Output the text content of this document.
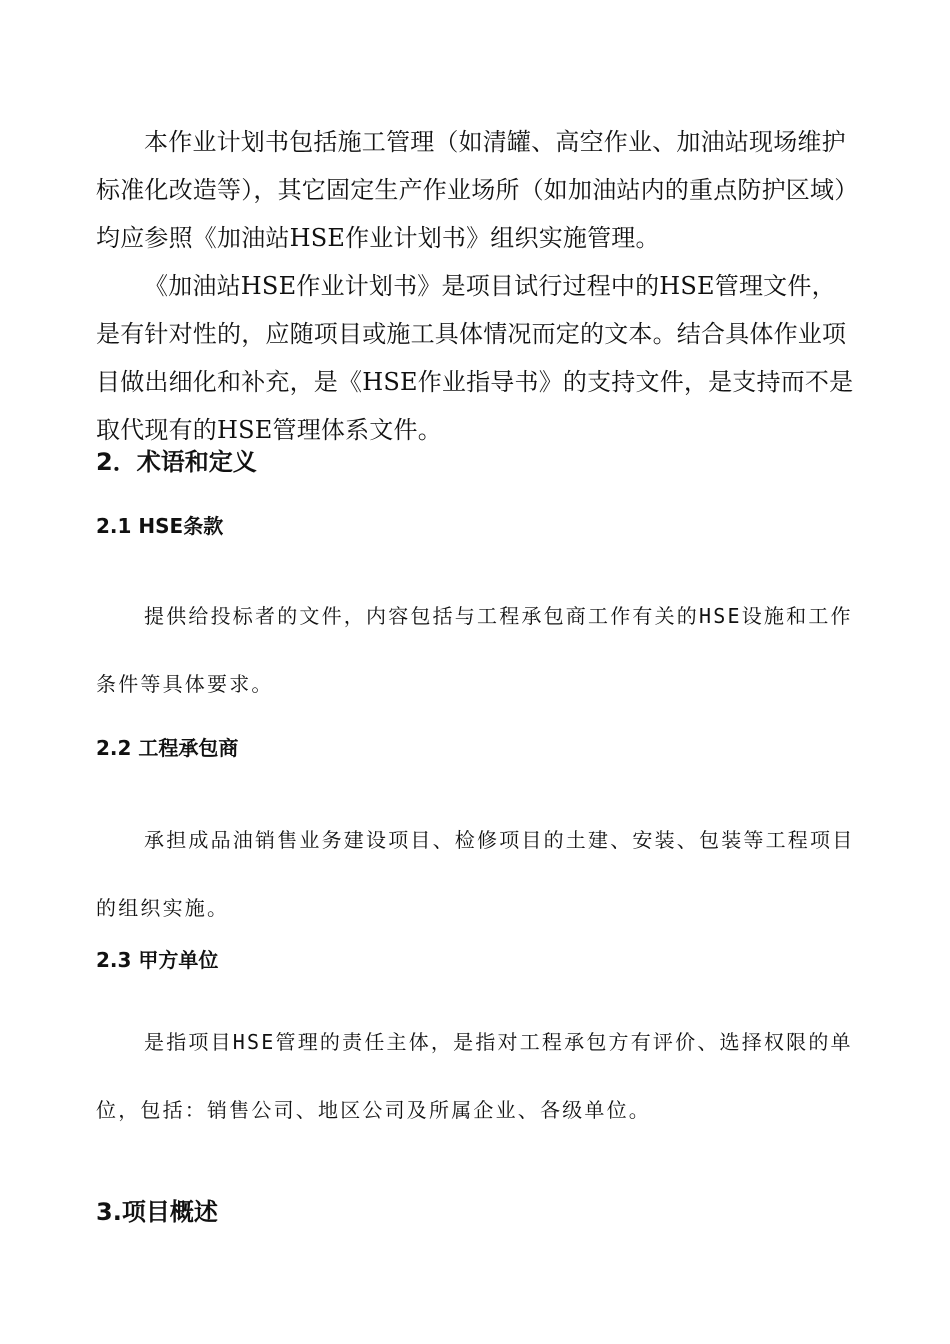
本作业计划书包括施工管理（如清罐、高空作业、加油站现场维护标准化改造等），其它固定生产作业场所（如加油站内的重点防护区域）均应参照《加油站HSE作业计划书》组织实施管理。

《加油站HSE作业计划书》是项目试行过程中的HSE管理文件，是有针对性的，应随项目或施工具体情况而定的文本。结合具体作业项目做出细化和补充，是《HSE作业指导书》的支持文件，是支持而不是取代现有的HSE管理体系文件。

2．术语和定义
2.1 HSE条款

提供给投标者的文件，内容包括与工程承包商工作有关的HSE设施和工作条件等具体要求。

2.2 工程承包商

承担成品油销售业务建设项目、检修项目的土建、安装、包装等工程项目的组织实施。

2.3 甲方单位

是指项目HSE管理的责任主体，是指对工程承包方有评价、选择权限的单位，包括：销售公司、地区公司及所属企业、各级单位。

3.项目概述
